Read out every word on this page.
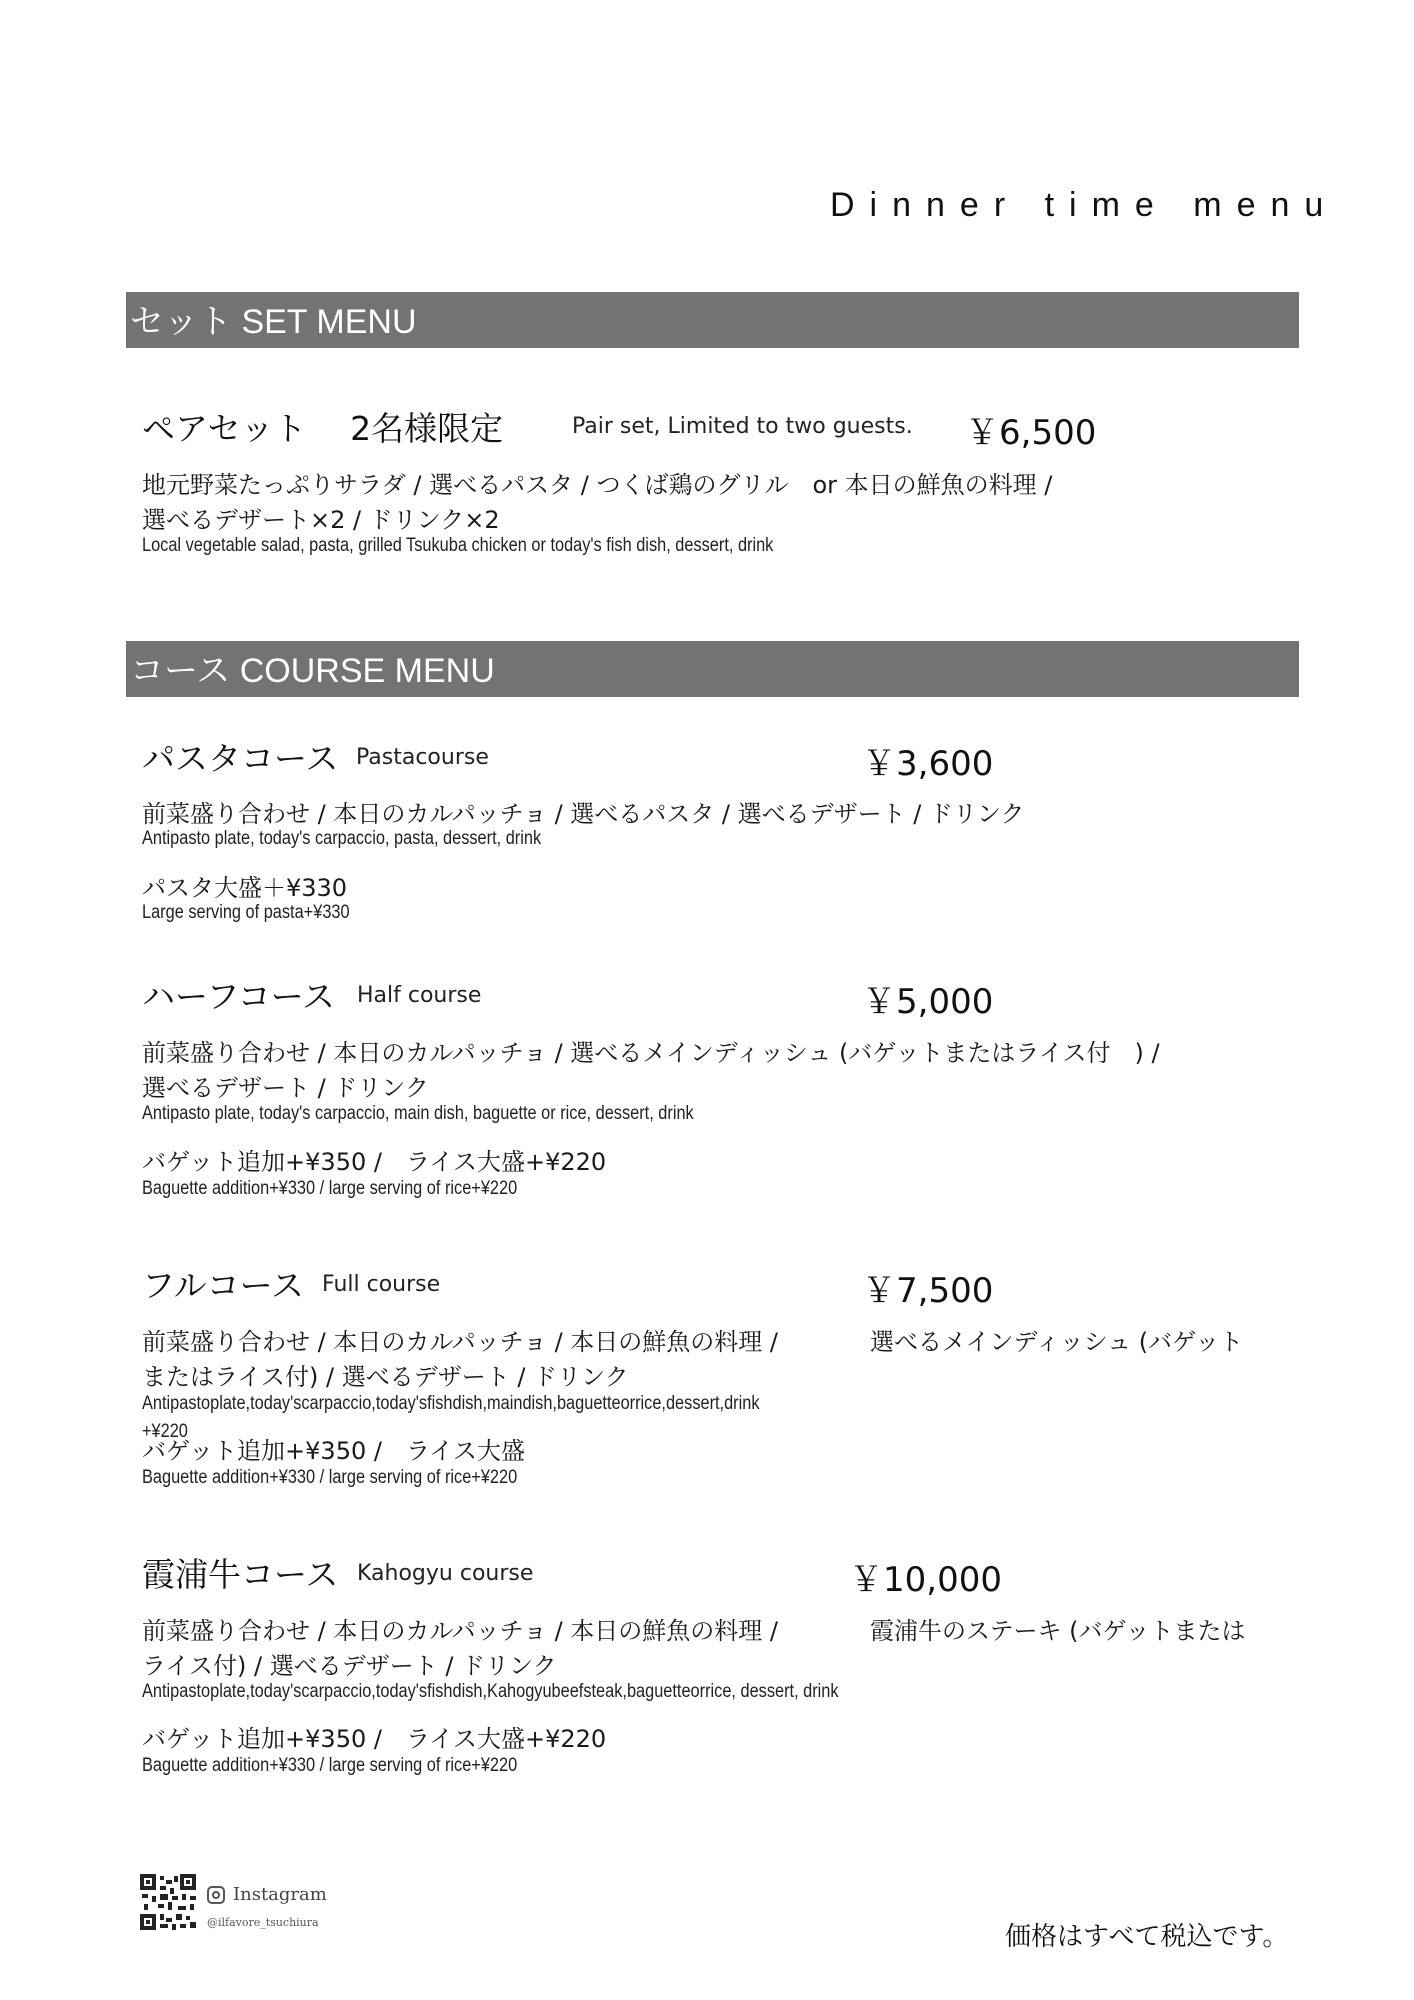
Dinner time menu
セット SET MENU
ペアセット　 2名様限定	Pair set, Limited to two guests. ￥6,500
地元野菜たっぷりサラダ / 選べるパスタ / つくば鶏のグリル　or 本日の鮮魚の料理 /
選べるデザート×2 / ドリンク×2
Local vegetable salad, pasta, grilled Tsukuba chicken or today's fish dish, dessert, drink
コース COURSE MENU
パスタコース Pastacourse	￥3,600
前菜盛り合わせ / 本日のカルパッチョ / 選べるパスタ / 選べるデザート / ドリンク
Antipasto plate, today's carpaccio, pasta, dessert, drink
パスタ大盛＋¥330
Large serving of pasta+¥330
ハーフコース Half course	￥5,000
前菜盛り合わせ / 本日のカルパッチョ / 選べるメインディッシュ (バゲットまたはライス付　) /
選べるデザート / ドリンク
Antipasto plate, today's carpaccio, main dish, baguette or rice, dessert, drink
バゲット追加+¥350 /　ライス大盛+¥220
Baguette addition+¥330 / large serving of rice+¥220
フルコース Full course	￥7,500
前菜盛り合わせ / 本日のカルパッチョ / 本日の鮮魚の料理 /	選べるメインディッシュ (バゲット
またはライス付) / 選べるデザート / ドリンク
Antipastoplate,today'scarpaccio,today'sfishdish,maindish,baguetteorrice,dessert,drink
+¥220
バゲット追加+¥350 /　ライス大盛
Baguette addition+¥330 / large serving of rice+¥220
霞浦牛コース Kahogyu course	￥10,000
前菜盛り合わせ / 本日のカルパッチョ / 本日の鮮魚の料理 /	霞浦牛のステーキ (バゲットまたは
ライス付) / 選べるデザート / ドリンク
Antipastoplate,today'scarpaccio,today'sfishdish,Kahogyubeefsteak,baguetteorrice, dessert, drink
バゲット追加+¥350 /　ライス大盛+¥220
Baguette addition+¥330 / large serving of rice+¥220
Instagram
@ilfavore_tsuchiura	価格はすべて税込です。
